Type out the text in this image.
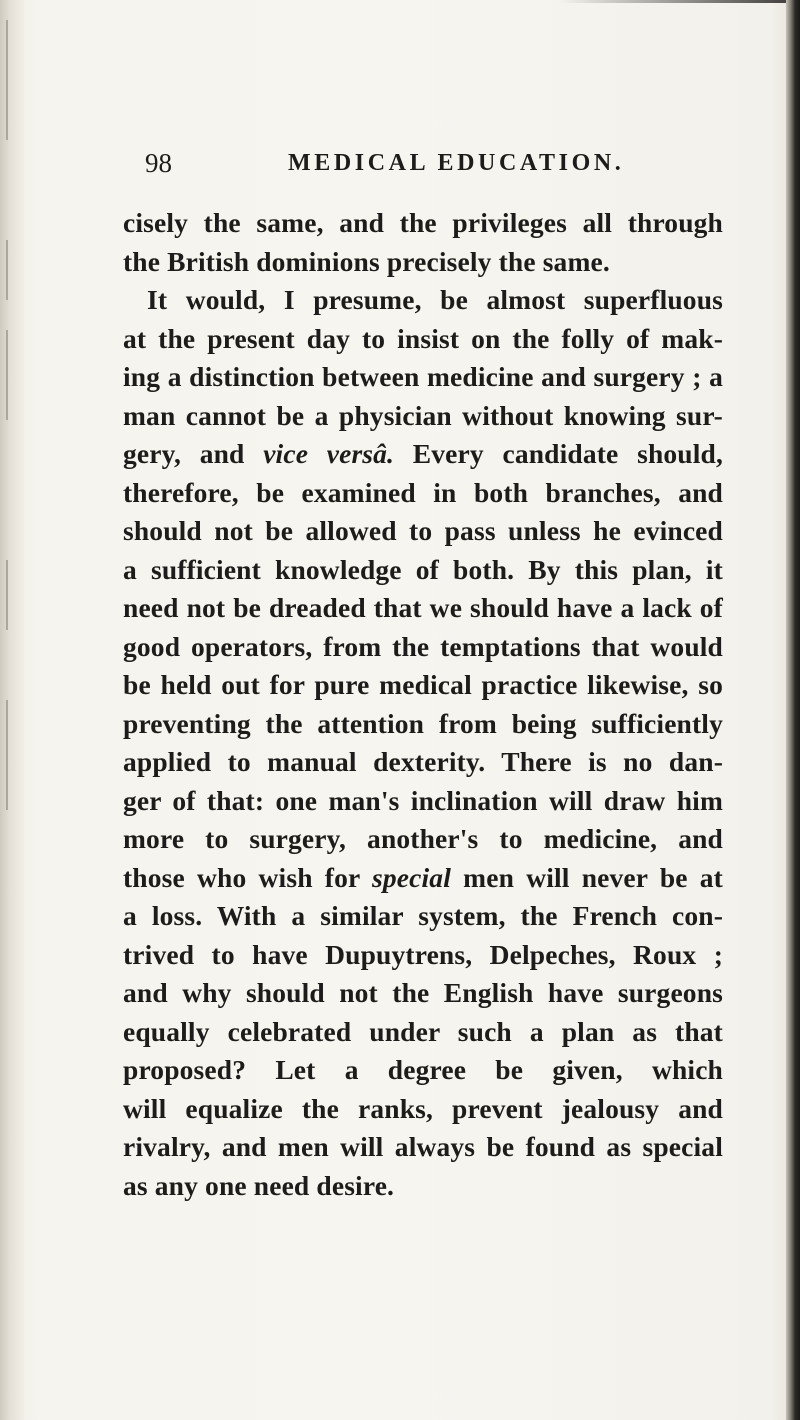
98	MEDICAL EDUCATION.

cisely the same, and the privileges all through
the British dominions precisely the same.
It would, I presume, be almost superfluous
at the present day to insist on the folly of mak-
ing a distinction between medicine and surgery ; a
man cannot be a physician without knowing sur-
gery, and vice versâ. Every candidate should,
therefore, be examined in both branches, and
should not be allowed to pass unless he evinced
a sufficient knowledge of both. By this plan, it
need not be dreaded that we should have a lack of
good operators, from the temptations that would
be held out for pure medical practice likewise, so
preventing the attention from being sufficiently
applied to manual dexterity. There is no dan-
ger of that: one man's inclination will draw him
more to surgery, another's to medicine, and
those who wish for special men will never be at
a loss. With a similar system, the French con-
trived to have Dupuytrens, Delpeches, Roux ;
and why should not the English have surgeons
equally celebrated under such a plan as that
proposed? Let a degree be given, which
will equalize the ranks, prevent jealousy and
rivalry, and men will always be found as special
as any one need desire.
